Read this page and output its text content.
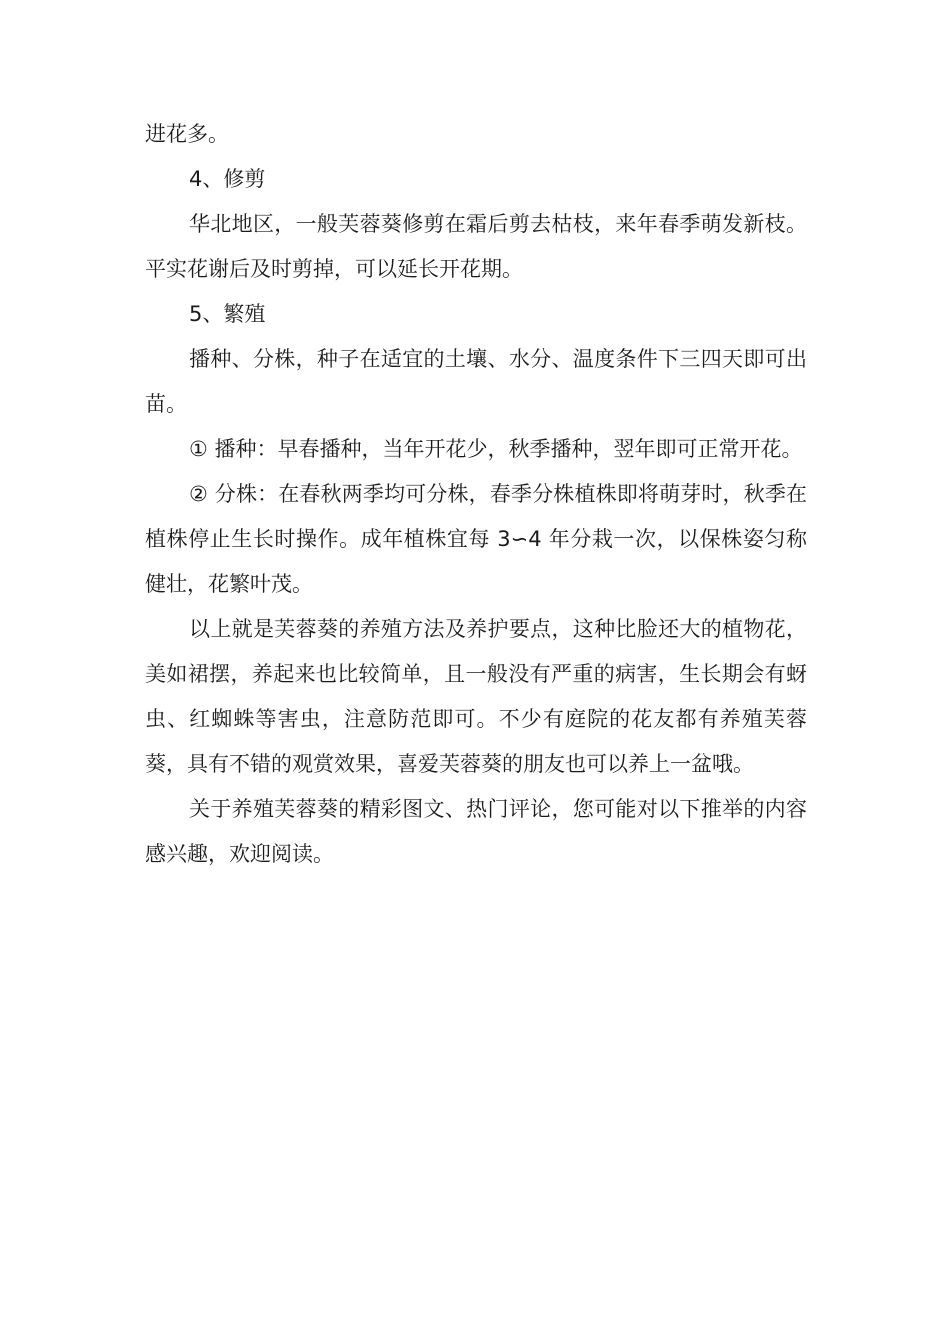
进花多。

4、修剪

华北地区，一般芙蓉葵修剪在霜后剪去枯枝，来年春季萌发新枝。平实花谢后及时剪掉，可以延长开花期。

5、繁殖

播种、分株，种子在适宜的土壤、水分、温度条件下三四天即可出苗。

① 播种：早春播种，当年开花少，秋季播种，翌年即可正常开花。

② 分株：在春秋两季均可分株，春季分株植株即将萌芽时，秋季在植株停止生长时操作。成年植株宜每 3∽4 年分栽一次，以保株姿匀称健壮，花繁叶茂。

以上就是芙蓉葵的养殖方法及养护要点，这种比脸还大的植物花，美如裙摆，养起来也比较简单，且一般没有严重的病害，生长期会有蚜虫、红蜘蛛等害虫，注意防范即可。不少有庭院的花友都有养殖芙蓉葵，具有不错的观赏效果，喜爱芙蓉葵的朋友也可以养上一盆哦。

关于养殖芙蓉葵的精彩图文、热门评论，您可能对以下推举的内容感兴趣，欢迎阅读。
